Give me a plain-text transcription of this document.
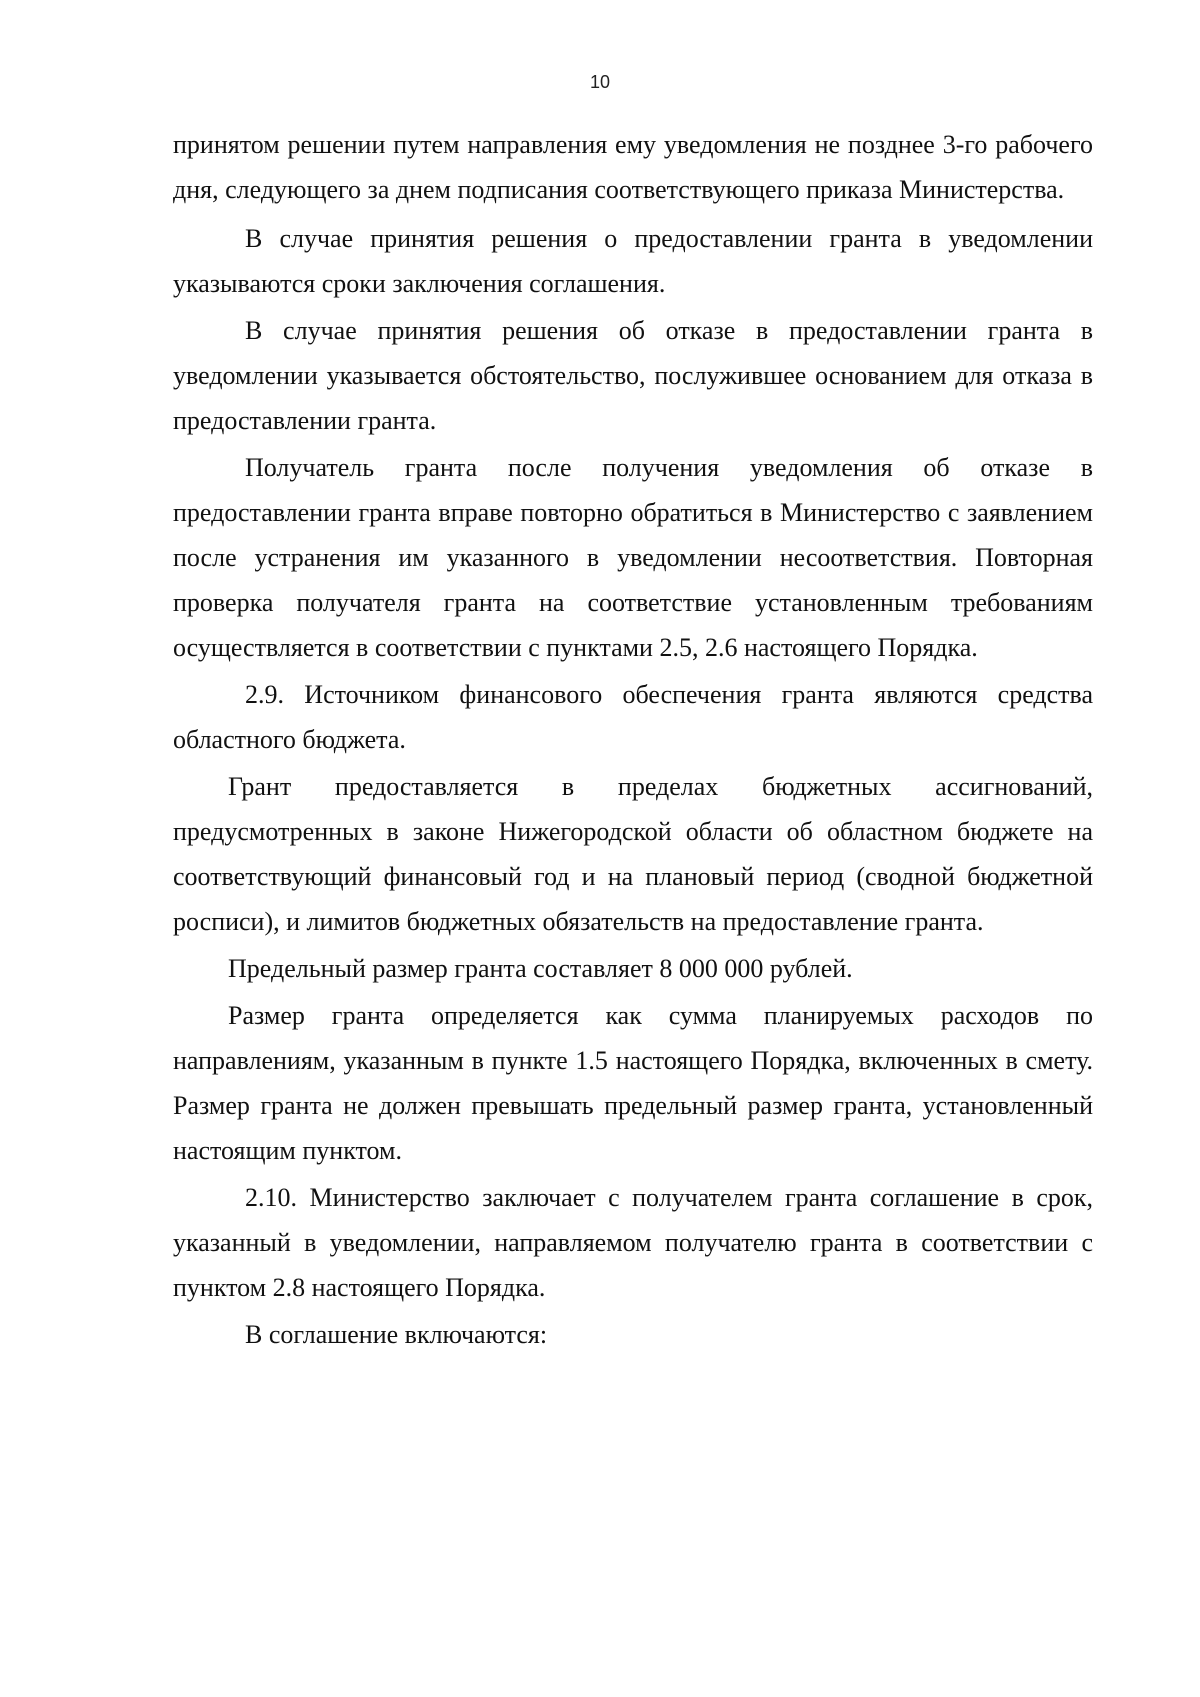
10

принятом решении путем направления ему уведомления не позднее 3-го рабочего дня, следующего за днем подписания соответствующего приказа Министерства.

В случае принятия решения о предоставлении гранта в уведомлении указываются сроки заключения соглашения.

В случае принятия решения об отказе в предоставлении гранта в уведомлении указывается обстоятельство, послужившее основанием для отказа в предоставлении гранта.

Получатель гранта после получения уведомления об отказе в предоставлении гранта вправе повторно обратиться в Министерство с заявлением после устранения им указанного в уведомлении несоответствия. Повторная проверка получателя гранта на соответствие установленным требованиям осуществляется в соответствии с пунктами 2.5, 2.6 настоящего Порядка.

2.9. Источником финансового обеспечения гранта являются средства областного бюджета.

Грант предоставляется в пределах бюджетных ассигнований, предусмотренных в законе Нижегородской области об областном бюджете на соответствующий финансовый год и на плановый период (сводной бюджетной росписи), и лимитов бюджетных обязательств на предоставление гранта.

Предельный размер гранта составляет 8 000 000 рублей.

Размер гранта определяется как сумма планируемых расходов по направлениям, указанным в пункте 1.5 настоящего Порядка, включенных в смету. Размер гранта не должен превышать предельный размер гранта, установленный настоящим пунктом.

2.10. Министерство заключает с получателем гранта соглашение в срок, указанный в уведомлении, направляемом получателю гранта в соответствии с пунктом 2.8 настоящего Порядка.

В соглашение включаются:
